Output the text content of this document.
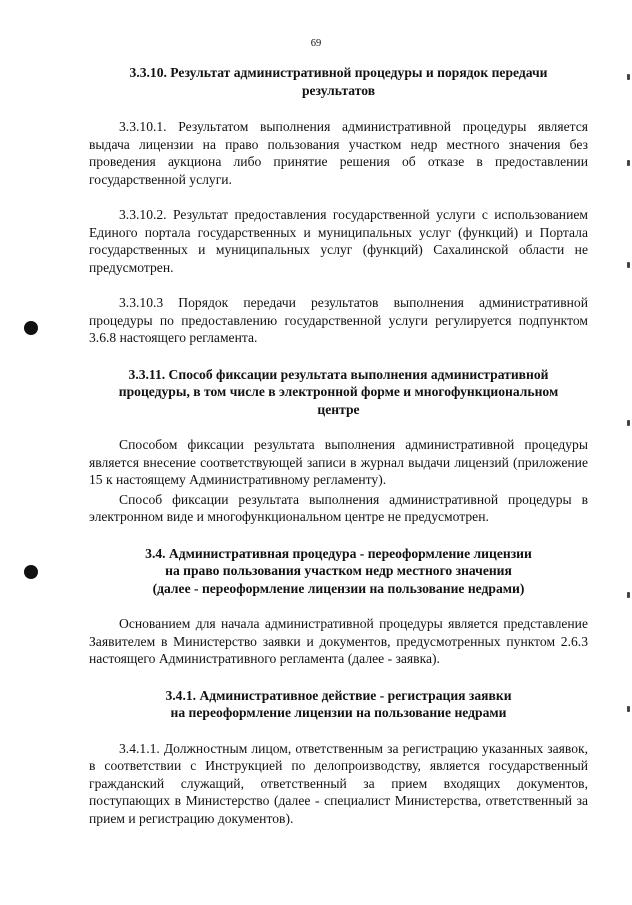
69
3.3.10. Результат административной процедуры и порядок передачи
результатов

3.3.10.1. Результатом выполнения административной процедуры является выдача лицензии на право пользования участком недр местного значения без проведения аукциона либо принятие решения об отказе в предоставлении государственной услуги.

3.3.10.2. Результат предоставления государственной услуги с использованием Единого портала государственных и муниципальных услуг (функций) и Портала государственных и муниципальных услуг (функций) Сахалинской области не предусмотрен.

3.3.10.3 Порядок передачи результатов выполнения административной процедуры по предоставлению государственной услуги регулируется подпунктом 3.6.8 настоящего регламента.

3.3.11. Способ фиксации результата выполнения административной
процедуры, в том числе в электронной форме и многофункциональном
центре

Способом фиксации результата выполнения административной процедуры является внесение соответствующей записи в журнал выдачи лицензий (приложение 15 к настоящему Административному регламенту).

Способ фиксации результата выполнения административной процедуры в электронном виде и многофункциональном центре не предусмотрен.

3.4. Административная процедура - переоформление лицензии
на право пользования участком недр местного значения
(далее - переоформление лицензии на пользование недрами)

Основанием для начала административной процедуры является представление Заявителем в Министерство заявки и документов, предусмотренных пунктом 2.6.3 настоящего Административного регламента (далее - заявка).

3.4.1. Административное действие - регистрация заявки
на переоформление лицензии на пользование недрами

3.4.1.1. Должностным лицом, ответственным за регистрацию указанных заявок, в соответствии с Инструкцией по делопроизводству, является государственный гражданский служащий, ответственный за прием входящих документов, поступающих в Министерство (далее - специалист Министерства, ответственный за прием и регистрацию документов).
